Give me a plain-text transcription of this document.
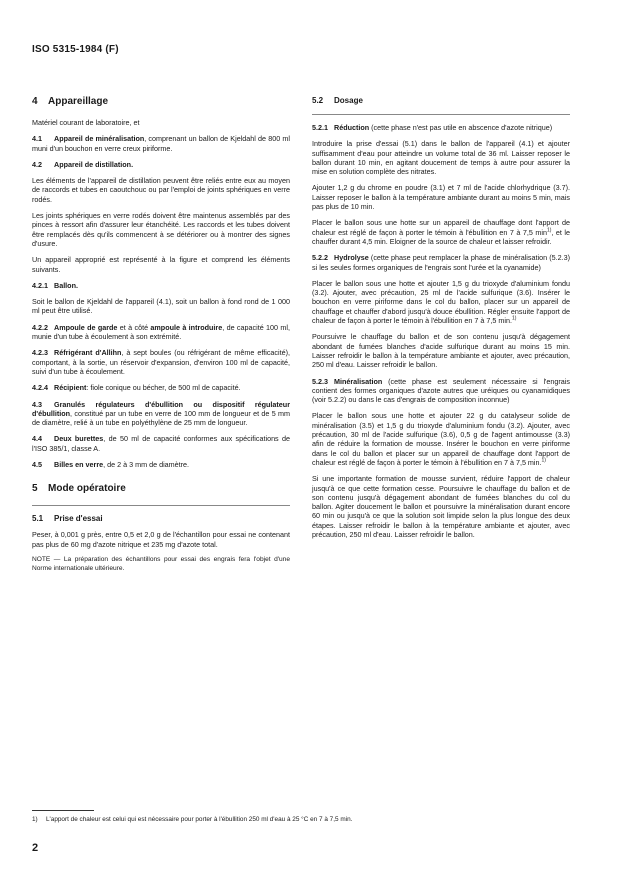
ISO 5315-1984 (F)
4 Appareillage

Matériel courant de laboratoire, et

4.1 Appareil de minéralisation, comprenant un ballon de Kjeldahl de 800 ml muni d'un bouchon en verre creux piriforme.

4.2 Appareil de distillation.

Les éléments de l'appareil de distillation peuvent être reliés entre eux au moyen de raccords et tubes en caoutchouc ou par l'emploi de joints sphériques en verre rodés.

Les joints sphériques en verre rodés doivent être maintenus assemblés par des pinces à ressort afin d'assurer leur étanchéité. Les raccords et les tubes doivent être remplacés dès qu'ils commencent à se détériorer ou à montrer des signes d'usure.

Un appareil approprié est représenté à la figure et comprend les éléments suivants.

4.2.1 Ballon.

Soit le ballon de Kjeldahl de l'appareil (4.1), soit un ballon à fond rond de 1 000 ml peut être utilisé.

4.2.2 Ampoule de garde et à côté ampoule à introduire, de capacité 100 ml, munie d'un tube à écoulement à son extrémité.

4.2.3 Réfrigérant d'Allihn, à sept boules (ou réfrigérant de même efficacité), comportant, à la sortie, un réservoir d'expansion, d'environ 100 ml de capacité, suivi d'un tube à écoulement.

4.2.4 Récipient: fiole conique ou bécher, de 500 ml de capacité.

4.3 Granulés régulateurs d'ébullition ou dispositif régulateur d'ébullition, constitué par un tube en verre de 100 mm de longueur et de 5 mm de diamètre, relié à un tube en polyéthylène de 25 mm de longueur.

4.4 Deux burettes, de 50 ml de capacité conformes aux spécifications de l'ISO 385/1, classe A.

4.5 Billes en verre, de 2 à 3 mm de diamètre.

5 Mode opératoire
5.1 Prise d'essai

Peser, à 0,001 g près, entre 0,5 et 2,0 g de l'échantillon pour essai ne contenant pas plus de 60 mg d'azote nitrique et 235 mg d'azote total.

NOTE — La préparation des échantillons pour essai des engrais fera l'objet d'une Norme internationale ultérieure.

5.2 Dosage

5.2.1 Réduction (cette phase n'est pas utile en abscence d'azote nitrique)

Introduire la prise d'essai (5.1) dans le ballon de l'appareil (4.1) et ajouter suffisamment d'eau pour atteindre un volume total de 36 ml. Laisser reposer le ballon durant 10 min, en agitant doucement de temps à autre pour assurer la mise en solution complète des nitrates.

Ajouter 1,2 g du chrome en poudre (3.1) et 7 ml de l'acide chlorhydrique (3.7). Laisser reposer le ballon à la température ambiante durant au moins 5 min, mais pas plus de 10 min.

Placer le ballon sous une hotte sur un appareil de chauffage dont l'apport de chaleur est réglé de façon à porter le témoin à l'ébullition en 7 à 7,5 $\min^{1)}$, et le chauffer durant 4,5 min. Eloigner de la source de chaleur et laisser refroidir.

5.2.2 Hydrolyse (cette phase peut remplacer la phase de minéralisation (5.2.3) si les seules formes organiques de l'engrais sont l'urée et la cyanamide)

Placer le ballon sous une hotte et ajouter 1,5 g du trioxyde d'aluminium fondu (3.2). Ajouter, avec précaution, 25 ml de l'acide sulfurique (3.6). Insérer le bouchon en verre piriforme dans le col du ballon, placer sur un appareil de chauffage et chauffer d'abord jusqu'à douce ébullition. Régler ensuite l'apport de chaleur de façon à porter le témoin à l'ébullition en 7 à 7,5 min.$^{1)}$

Poursuivre le chauffage du ballon et de son contenu jusqu'à dégagement abondant de fumées blanches d'acide sulfurique durant au moins 15 min. Laisser refroidir le ballon à la température ambiante et ajouter, avec précaution, 250 ml d'eau. Laisser refroidir le ballon.

5.2.3 Minéralisation (cette phase est seulement nécessaire si l'engrais contient des formes organiques d'azote autres que uréiques ou cyanamidiques (voir 5.2.2) ou dans le cas d'engrais de composition inconnue)

Placer le ballon sous une hotte et ajouter 22 g du catalyseur solide de minéralisation (3.5) et 1,5 g du trioxyde d'aluminium fondu (3.2). Ajouter, avec précaution, 30 ml de l'acide sulfurique (3.6), 0,5 g de l'agent antimousse (3.3) afin de réduire la formation de mousse. Insérer le bouchon en verre piriforme dans le col du ballon et placer sur un appareil de chauffage dont l'apport de chaleur est réglé de façon à porter le témoin à l'ébullition en 7 à 7,5 min.$^{1)}$

Si une importante formation de mousse survient, réduire l'apport de chaleur jusqu'à ce que cette formation cesse. Poursuivre le chauffage du ballon et de son contenu jusqu'à dégagement abondant de fumées blanches du col du ballon. Agiter doucement le ballon et poursuivre la minéralisation durant encore 60 min ou jusqu'à ce que la solution soit limpide selon la plus longue des deux étapes. Laisser refroidir le ballon à la température ambiante et ajouter, avec précaution, 250 ml d'eau. Laisser refroidir le ballon.

1) L'apport de chaleur est celui qui est nécessaire pour porter à l'ébullition 250 ml d'eau à 25 °C en 7 à 7,5 min.
2
